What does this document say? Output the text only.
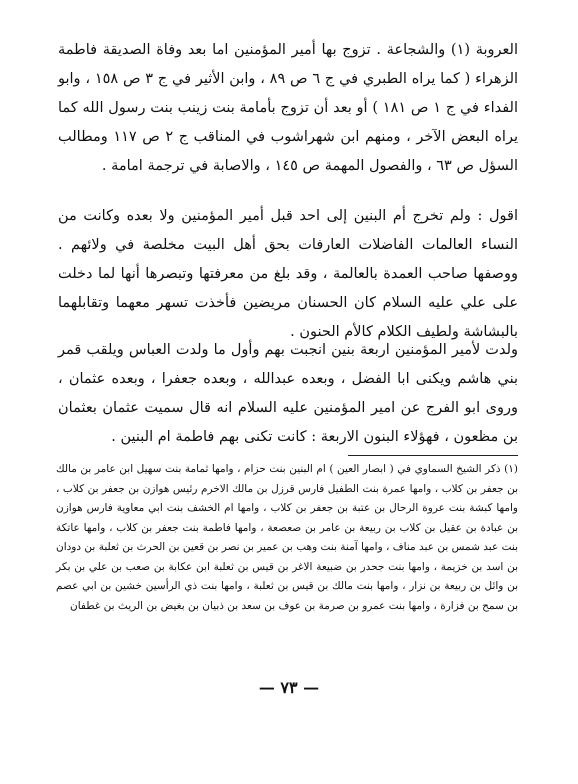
العروبة (١) والشجاعة . تزوج بها أمير المؤمنين اما بعد وفاة الصديقة فاطمة الزهراء ( كما يراه الطبري في ج ٦ ص ٨٩ ، وابن الأثير في ج ٣ ص ١٥٨ ، وابو الفداء في ج ١ ص ١٨١ ) أو بعد أن تزوج بأمامة بنت زينب بنت رسول الله كما يراه البعض الآخر ، ومنهم ابن شهراشوب في المناقب ج ٢ ص ١١٧ ومطالب السؤل ص ٦٣ ، والفصول المهمة ص ١٤٥ ، والاصابة في ترجمة امامة .

اقول : ولم تخرج أم البنين إلى احد قبل أمير المؤمنين ولا بعده وكانت من النساء العالمات الفاضلات العارفات بحق أهل البيت مخلصة في ولائهم . ووصفها صاحب العمدة بالعالمة ، وقد بلغ من معرفتها وتبصرها أنها لما دخلت على علي عليه السلام كان الحسنان مريضين فأخذت تسهر معهما وتقابلهما بالبشاشة ولطيف الكلام كالأم الحنون .

ولدت لأمير المؤمنين اربعة بنين انجبت بهم وأول ما ولدت العباس ويلقب قمر بني هاشم ويكنى ابا الفضل ، وبعده عبدالله ، وبعده جعفرا ، وبعده عثمان ، وروى ابو الفرج عن امير المؤمنين عليه السلام انه قال سميت عثمان بعثمان بن مظعون ، فهؤلاء البنون الاربعة : كانت تكنى بهم فاطمة ام البنين .

(١) ذكر الشيخ السماوي في ( ابصار العين ) ام البنين بنت حزام ، وامها ثمامة بنت سهيل ابن عامر بن مالك بن جعفر بن كلاب ، وامها عمرة بنت الطفيل فارس قرزل بن مالك الاخرم رئيس هوازن بن جعفر بن كلاب ، وامها كبشة بنت عروة الرحال بن عتبة بن جعفر بن كلاب ، وامها ام الخشف بنت ابي معاوية فارس هوازن بن عبادة بن عقيل بن كلاب بن ربيعة بن عامر بن صعصعة ، وامها فاطمة بنت جعفر بن كلاب ، وامها عاتكة بنت عبد شمس بن عبد مناف ، وامها آمنة بنت وهب بن عمير بن نصر بن قعين بن الحرث بن ثعلبة بن دودان بن اسد بن خزيمة ، وامها بنت جحدر بن ضبيعة الاغر بن قيس بن ثعلبة ابن عكابة بن صعب بن علي بن بكر بن وائل بن ربيعة بن نزار ، وامها بنت مالك بن قيس بن ثعلبة ، وامها بنت ذي الرأسين خشين بن ابي عصم بن سمح بن فزارة ، وامها بنت عمرو بن صرمة بن عوف بن سعد بن ذبيان بن بغيض بن الريث بن غطفان

— ٧٣ —
